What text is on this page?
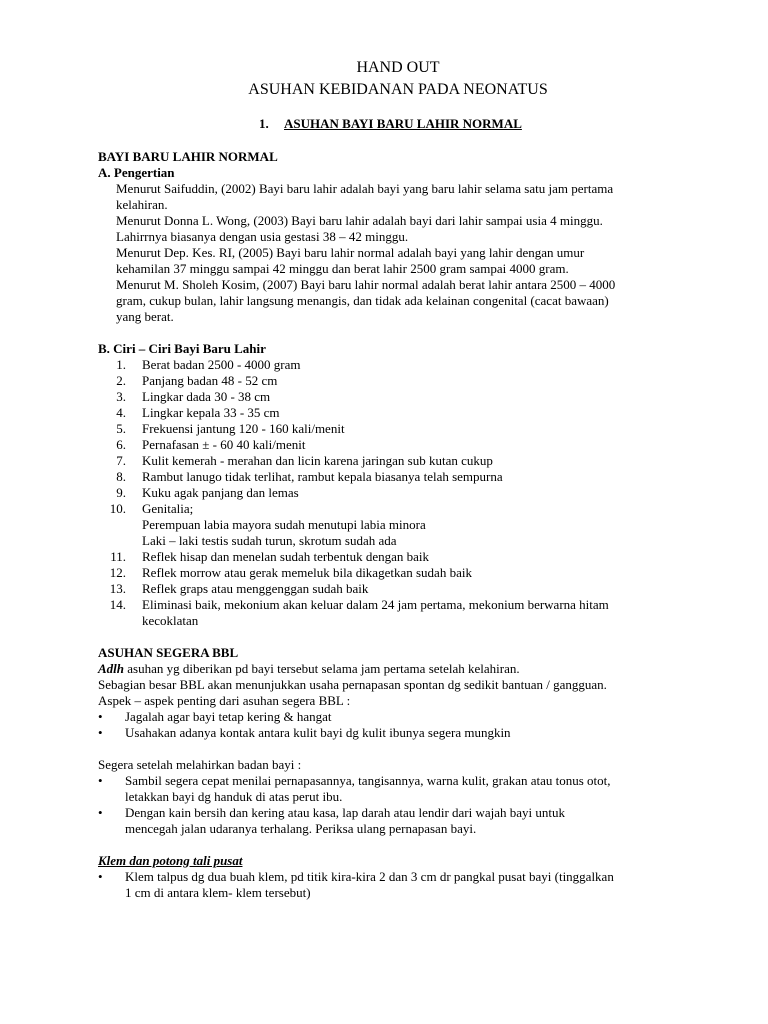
HAND OUT
ASUHAN KEBIDANAN PADA NEONATUS
1. ASUHAN BAYI BARU LAHIR NORMAL
BAYI BARU LAHIR NORMAL
A. Pengertian
Menurut Saifuddin, (2002) Bayi baru lahir adalah bayi yang baru lahir selama satu jam pertama
kelahiran.
Menurut Donna L. Wong, (2003) Bayi baru lahir adalah bayi dari lahir sampai usia 4 minggu.
Lahirrnya biasanya dengan usia gestasi 38 – 42 minggu.
Menurut Dep. Kes. RI, (2005) Bayi baru lahir normal adalah bayi yang lahir dengan umur
kehamilan 37 minggu sampai 42 minggu dan berat lahir 2500 gram sampai 4000 gram.
Menurut M. Sholeh Kosim, (2007) Bayi baru lahir normal adalah berat lahir antara 2500 – 4000
gram, cukup bulan, lahir langsung menangis, dan tidak ada kelainan congenital (cacat bawaan)
yang berat.
B. Ciri – Ciri Bayi Baru Lahir
1. Berat badan 2500 - 4000 gram
2. Panjang badan 48 - 52 cm
3. Lingkar dada 30 - 38 cm
4. Lingkar kepala 33 - 35 cm
5. Frekuensi jantung 120 - 160 kali/menit
6. Pernafasan ± - 60 40 kali/menit
7. Kulit kemerah - merahan dan licin karena jaringan sub kutan cukup
8. Rambut lanugo tidak terlihat, rambut kepala biasanya telah sempurna
9. Kuku agak panjang dan lemas
10. Genitalia;
Perempuan labia mayora sudah menutupi labia minora
Laki – laki testis sudah turun, skrotum sudah ada
11. Reflek hisap dan menelan sudah terbentuk dengan baik
12. Reflek morrow atau gerak memeluk bila dikagetkan sudah baik
13. Reflek graps atau menggenggan sudah baik
14. Eliminasi baik, mekonium akan keluar dalam 24 jam pertama, mekonium berwarna hitam
kecoklatan
ASUHAN SEGERA BBL
Adlh asuhan yg diberikan pd bayi tersebut selama jam pertama setelah kelahiran.
Sebagian besar BBL akan menunjukkan usaha pernapasan spontan dg sedikit bantuan / gangguan.
Aspek – aspek penting dari asuhan segera BBL :
• Jagalah agar bayi tetap kering & hangat
• Usahakan adanya kontak antara kulit bayi dg kulit ibunya segera mungkin
Segera setelah melahirkan badan bayi :
• Sambil segera cepat menilai pernapasannya, tangisannya, warna kulit, grakan atau tonus otot,
letakkan bayi dg handuk di atas perut ibu.
• Dengan kain bersih dan kering atau kasa, lap darah atau lendir dari wajah bayi untuk
mencegah jalan udaranya terhalang. Periksa ulang pernapasan bayi.
Klem dan potong tali pusat
• Klem talpus dg dua buah klem, pd titik kira-kira 2 dan 3 cm dr pangkal pusat bayi (tinggalkan
1 cm di antara klem- klem tersebut)
